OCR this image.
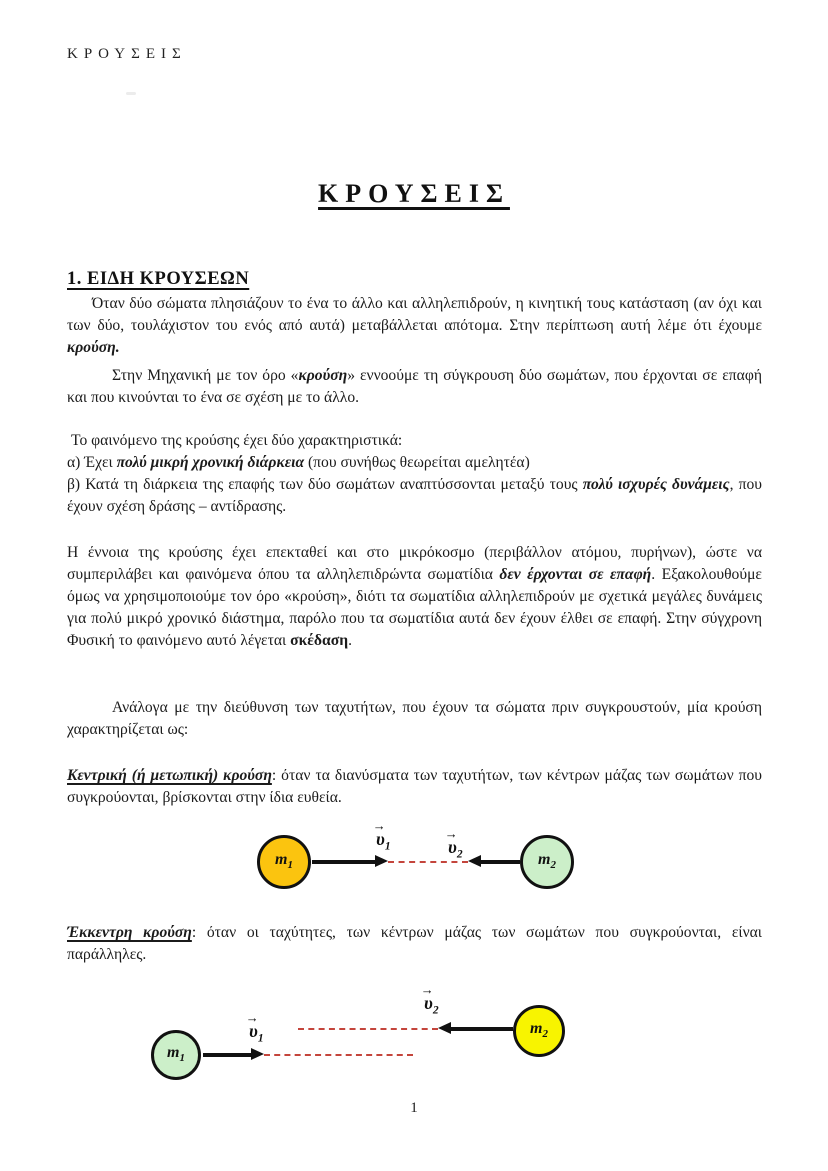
ΚΡΟΥΣΕΙΣ
ΚΡΟΥΣΕΙΣ
1. ΕΙΔΗ ΚΡΟΥΣΕΩΝ

Όταν δύο σώματα πλησιάζουν το ένα το άλλο και αλληλεπιδρούν, η κινητική τους κατάσταση (αν όχι και των δύο, τουλάχιστον του ενός από αυτά) μεταβάλλεται απότομα. Στην περίπτωση αυτή λέμε ότι έχουμε κρούση.

Στην Μηχανική με τον όρο «κρούση» εννοούμε τη σύγκρουση δύο σωμάτων, που έρχονται σε επαφή και που κινούνται το ένα σε σχέση με το άλλο.

Το φαινόμενο της κρούσης έχει δύο χαρακτηριστικά:

α) Έχει πολύ μικρή χρονική διάρκεια (που συνήθως θεωρείται αμελητέα)

β) Κατά τη διάρκεια της επαφής των δύο σωμάτων αναπτύσσονται μεταξύ τους πολύ ισχυρές δυνάμεις, που έχουν σχέση δράσης – αντίδρασης.

Η έννοια της κρούσης έχει επεκταθεί και στο μικρόκοσμο (περιβάλλον ατόμου, πυρήνων), ώστε να συμπεριλάβει και φαινόμενα όπου τα αλληλεπιδρώντα σωματίδια δεν έρχονται σε επαφή. Εξακολουθούμε όμως να χρησιμοποιούμε τον όρο «κρούση», διότι τα σωματίδια αλληλεπιδρούν με σχετικά μεγάλες δυνάμεις για πολύ μικρό χρονικό διάστημα, παρόλο που τα σωματίδια αυτά δεν έχουν έλθει σε επαφή. Στην σύγχρονη Φυσική το φαινόμενο αυτό λέγεται σκέδαση.

Ανάλογα με την διεύθυνση των ταχυτήτων, που έχουν τα σώματα πριν συγκρουστούν, μία κρούση χαρακτηρίζεται ως:

Κεντρική (ή μετωπική) κρούση: όταν τα διανύσματα των ταχυτήτων, των κέντρων μάζας των σωμάτων που συγκρούονται, βρίσκονται στην ίδια ευθεία.

$m_1$	$m_2$
→
$\upsilon_1$
→
$\upsilon_2$

Έκκεντρη κρούση: όταν οι ταχύτητες, των κέντρων μάζας των σωμάτων που συγκρούονται, είναι παράλληλες.

→
$\upsilon_2$
$m_2$
→
$\upsilon_1$
$m_1$
1
